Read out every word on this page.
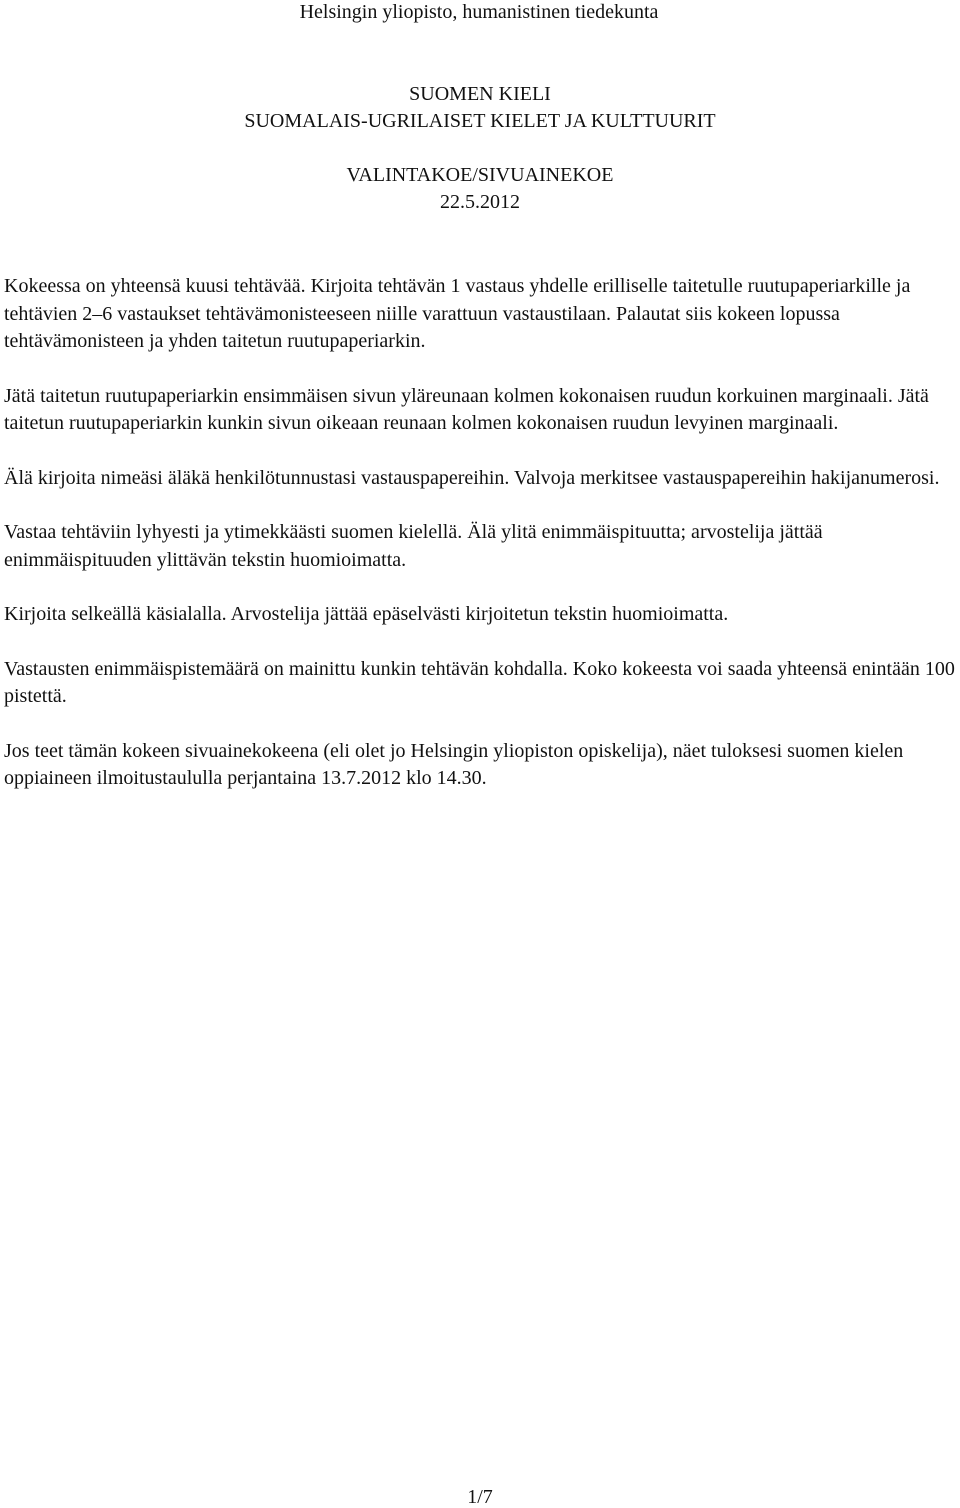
Helsingin yliopisto, humanistinen tiedekunta
SUOMEN KIELI
SUOMALAIS-UGRILAISET KIELET JA KULTTUURIT
VALINTAKOE/SIVUAINEKOE
22.5.2012

Kokeessa on yhteensä kuusi tehtävää. Kirjoita tehtävän 1 vastaus yhdelle erilliselle taitetulle ruutupaperiarkille ja tehtävien 2–6 vastaukset tehtävämonisteeseen niille varattuun vastaustilaan. Palautat siis kokeen lopussa tehtävämonisteen ja yhden taitetun ruutupaperiarkin.

Jätä taitetun ruutupaperiarkin ensimmäisen sivun yläreunaan kolmen kokonaisen ruudun korkuinen marginaali. Jätä taitetun ruutupaperiarkin kunkin sivun oikeaan reunaan kolmen kokonaisen ruudun levyinen marginaali.

Älä kirjoita nimeäsi äläkä henkilötunnustasi vastauspapereihin. Valvoja merkitsee vastauspapereihin hakijanumerosi.

Vastaa tehtäviin lyhyesti ja ytimekkäästi suomen kielellä. Älä ylitä enimmäispituutta; arvostelija jättää enimmäispituuden ylittävän tekstin huomioimatta.

Kirjoita selkeällä käsialalla. Arvostelija jättää epäselvästi kirjoitetun tekstin huomioimatta.

Vastausten enimmäispistemäärä on mainittu kunkin tehtävän kohdalla. Koko kokeesta voi saada yhteensä enintään 100 pistettä.

Jos teet tämän kokeen sivuainekokeena (eli olet jo Helsingin yliopiston opiskelija), näet tuloksesi suomen kielen oppiaineen ilmoitustaululla perjantaina 13.7.2012 klo 14.30.

1/7
